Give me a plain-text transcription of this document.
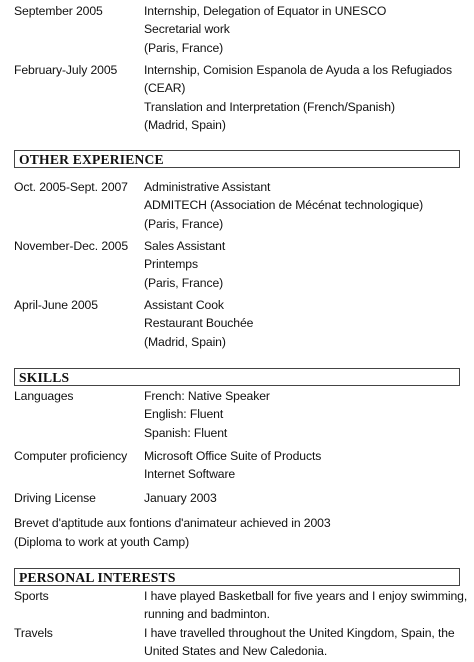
September 2005	Internship, Delegation of Equator in UNESCO
Secretarial work
(Paris, France)
February-July 2005 Internship, Comision Espanola de Ayuda a los Refugiados
(CEAR)
Translation and Interpretation (French/Spanish)
(Madrid, Spain)
OTHER EXPERIENCE
Oct. 2005-Sept. 2007 Administrative Assistant
ADMITECH (Association de Mécénat technologique)
(Paris, France)
November-Dec. 2005 Sales Assistant
Printemps
(Paris, France)
April-June 2005	Assistant Cook
Restaurant Bouchée
(Madrid, Spain)
SKILLS
Languages	French: Native Speaker
English: Fluent
Spanish: Fluent
Computer proficiency Microsoft Office Suite of Products
Internet Software
Driving License	January 2003
Brevet d'aptitude aux fontions d'animateur achieved in 2003
(Diploma to work at youth Camp)
PERSONAL INTERESTS
Sports	I have played Basketball for five years and I enjoy swimming,
running and badminton.
Travels	I have travelled throughout the United Kingdom, Spain, the
United States and New Caledonia.
